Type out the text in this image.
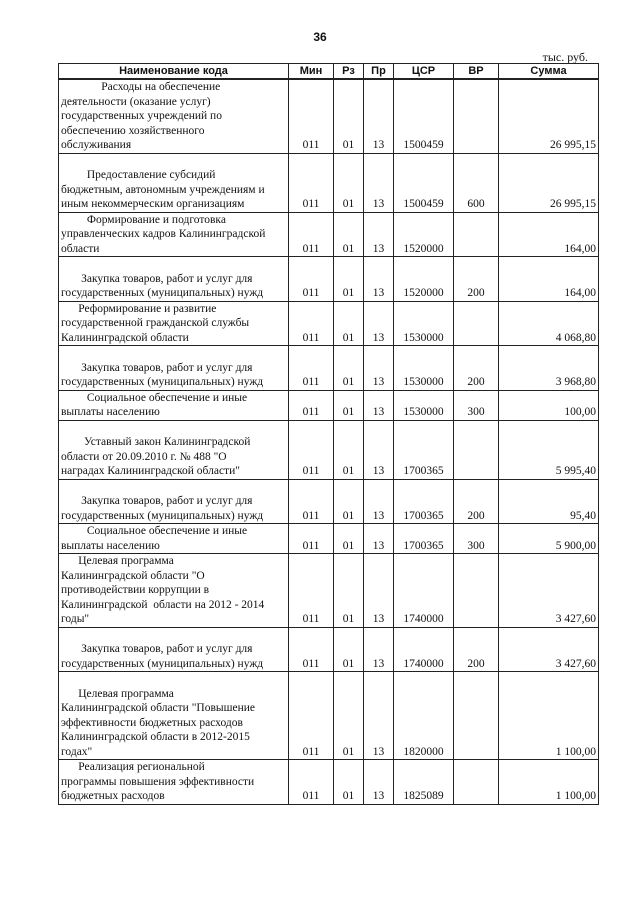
36
тыс. руб.
Наименование кода	Мин	Рз	Пр	ЦСР	ВР	Сумма
Расходы на обеспечение
деятельности (оказание услуг)
государственных учреждений по
обеспечению хозяйственного
обслуживания	011	01	13	1500459		26 995,15

Предоставление субсидий
бюджетным, автономным учреждениям и
иным некоммерческим организациям	011	01	13	1500459	600	26 995,15
Формирование и подготовка
управленческих кадров Калининградской
области	011	01	13	1520000		164,00

Закупка товаров, работ и услуг для
государственных (муниципальных) нужд	011	01	13	1520000	200	164,00
Реформирование и развитие
государственной гражданской службы
Калининградской области	011	01	13	1530000		4 068,80

Закупка товаров, работ и услуг для
государственных (муниципальных) нужд	011	01	13	1530000	200	3 968,80
Социальное обеспечение и иные
выплаты населению	011	01	13	1530000	300	100,00

Уставный закон Калининградской
области от 20.09.2010 г. № 488 "О
наградах Калининградской области"	011	01	13	1700365		5 995,40

Закупка товаров, работ и услуг для
государственных (муниципальных) нужд	011	01	13	1700365	200	95,40
Социальное обеспечение и иные
выплаты населению	011	01	13	1700365	300	5 900,00
Целевая программа
Калининградской области "О
противодействии коррупции в
Калининградской  области на 2012 - 2014
годы"	011	01	13	1740000		3 427,60

Закупка товаров, работ и услуг для
государственных (муниципальных) нужд	011	01	13	1740000	200	3 427,60

Целевая программа
Калининградской области "Повышение
эффективности бюджетных расходов
Калининградской области в 2012-2015
годах"	011	01	13	1820000		1 100,00
Реализация региональной
программы повышения эффективности
бюджетных расходов	011	01	13	1825089		1 100,00
